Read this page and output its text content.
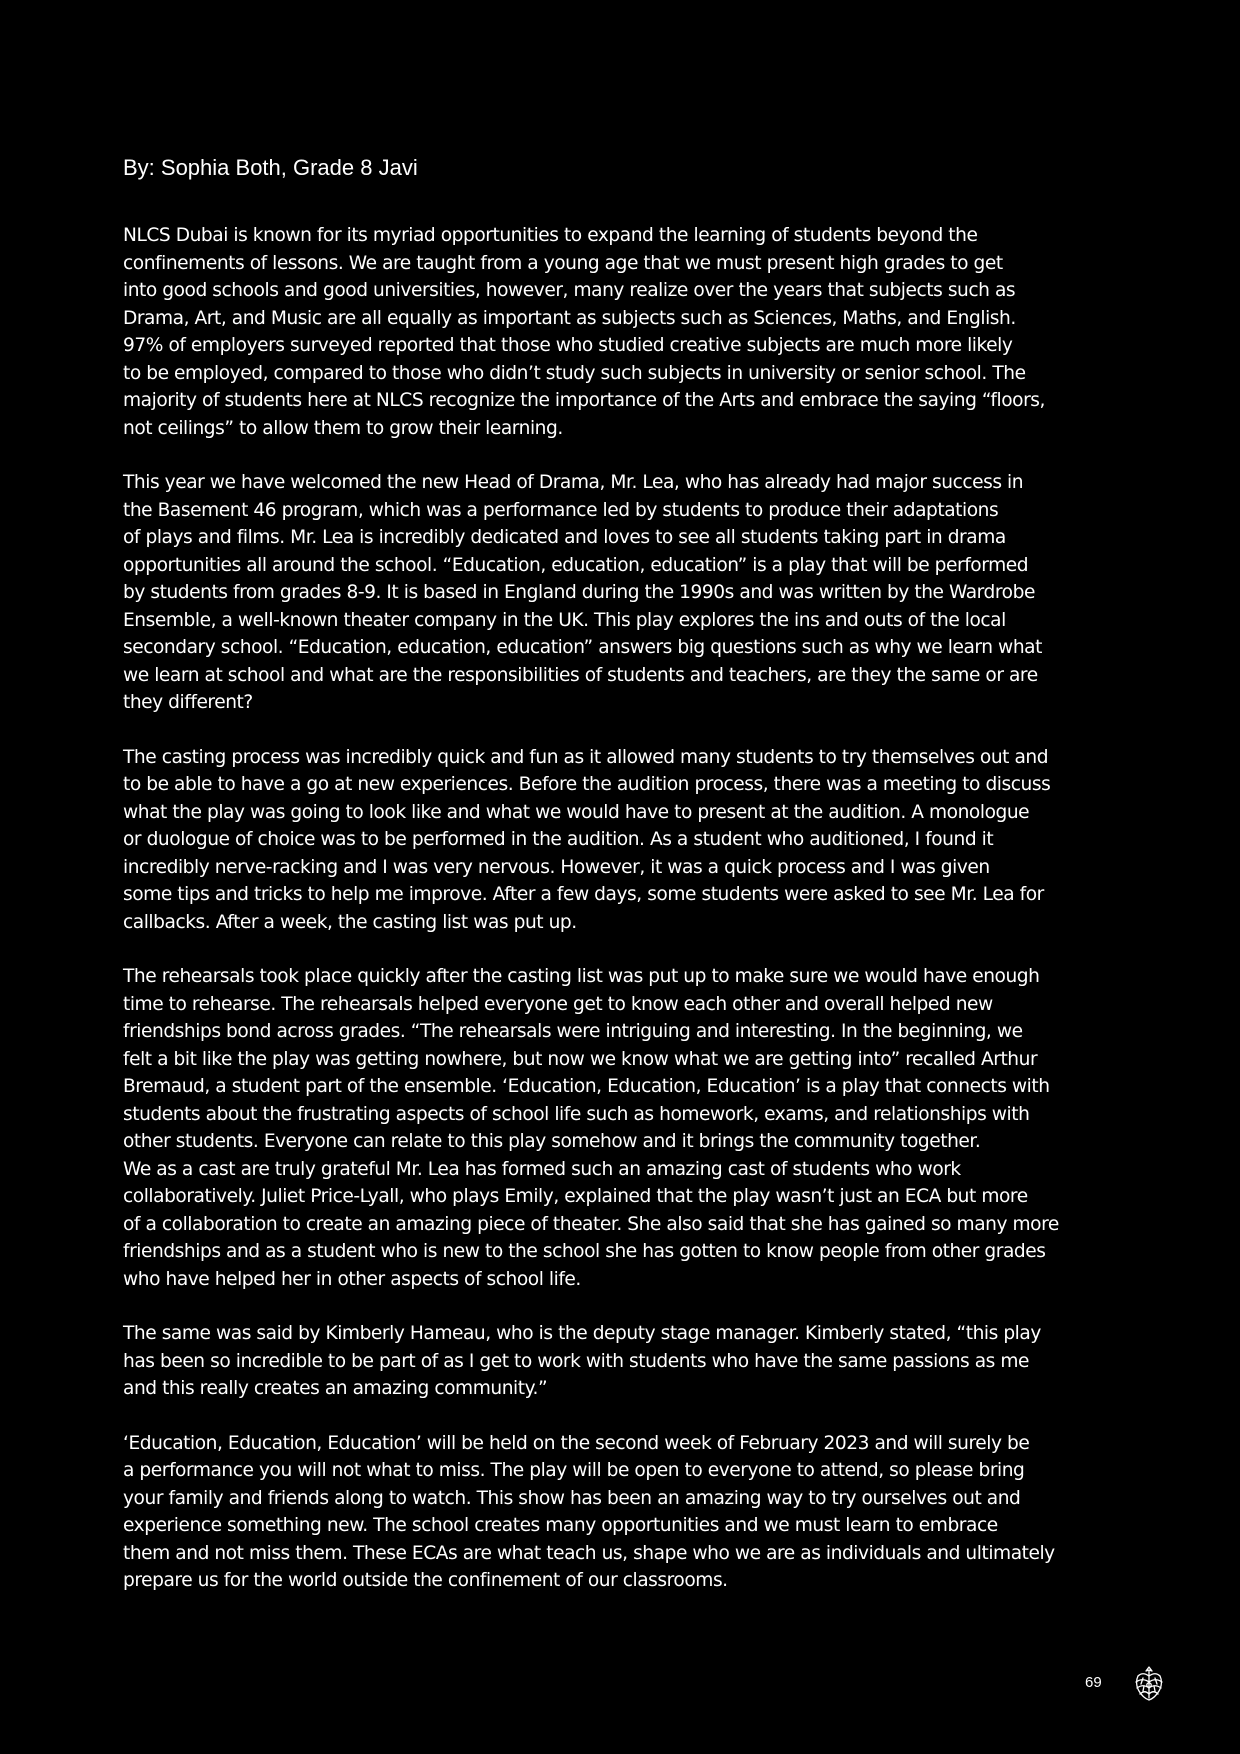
By: Sophia Both, Grade 8 Javi

NLCS Dubai is known for its myriad opportunities to expand the learning of students beyond the
confinements of lessons. We are taught from a young age that we must present high grades to get
into good schools and good universities, however, many realize over the years that subjects such as
Drama, Art, and Music are all equally as important as subjects such as Sciences, Maths, and English.
97% of employers surveyed reported that those who studied creative subjects are much more likely
to be employed, compared to those who didn’t study such subjects in university or senior school. The
majority of students here at NLCS recognize the importance of the Arts and embrace the saying “floors,
not ceilings” to allow them to grow their learning.

This year we have welcomed the new Head of Drama, Mr. Lea, who has already had major success in
the Basement 46 program, which was a performance led by students to produce their adaptations
of plays and films. Mr. Lea is incredibly dedicated and loves to see all students taking part in drama
opportunities all around the school. “Education, education, education” is a play that will be performed
by students from grades 8-9. It is based in England during the 1990s and was written by the Wardrobe
Ensemble, a well-known theater company in the UK. This play explores the ins and outs of the local
secondary school. “Education, education, education” answers big questions such as why we learn what
we learn at school and what are the responsibilities of students and teachers, are they the same or are
they different?

The casting process was incredibly quick and fun as it allowed many students to try themselves out and
to be able to have a go at new experiences. Before the audition process, there was a meeting to discuss
what the play was going to look like and what we would have to present at the audition. A monologue
or duologue of choice was to be performed in the audition. As a student who auditioned, I found it
incredibly nerve-racking and I was very nervous. However, it was a quick process and I was given
some tips and tricks to help me improve. After a few days, some students were asked to see Mr. Lea for
callbacks. After a week, the casting list was put up.

The rehearsals took place quickly after the casting list was put up to make sure we would have enough
time to rehearse. The rehearsals helped everyone get to know each other and overall helped new
friendships bond across grades. “The rehearsals were intriguing and interesting. In the beginning, we
felt a bit like the play was getting nowhere, but now we know what we are getting into” recalled Arthur
Bremaud, a student part of the ensemble. ‘Education, Education, Education’ is a play that connects with
students about the frustrating aspects of school life such as homework, exams, and relationships with
other students. Everyone can relate to this play somehow and it brings the community together.
We as a cast are truly grateful Mr. Lea has formed such an amazing cast of students who work
collaboratively. Juliet Price-Lyall, who plays Emily, explained that the play wasn’t just an ECA but more
of a collaboration to create an amazing piece of theater. She also said that she has gained so many more
friendships and as a student who is new to the school she has gotten to know people from other grades
who have helped her in other aspects of school life.

The same was said by Kimberly Hameau, who is the deputy stage manager. Kimberly stated, “this play
has been so incredible to be part of as I get to work with students who have the same passions as me
and this really creates an amazing community.”

‘Education, Education, Education’ will be held on the second week of February 2023 and will surely be
a performance you will not what to miss. The play will be open to everyone to attend, so please bring
your family and friends along to watch. This show has been an amazing way to try ourselves out and
experience something new. The school creates many opportunities and we must learn to embrace
them and not miss them. These ECAs are what teach us, shape who we are as individuals and ultimately
prepare us for the world outside the confinement of our classrooms.

69
